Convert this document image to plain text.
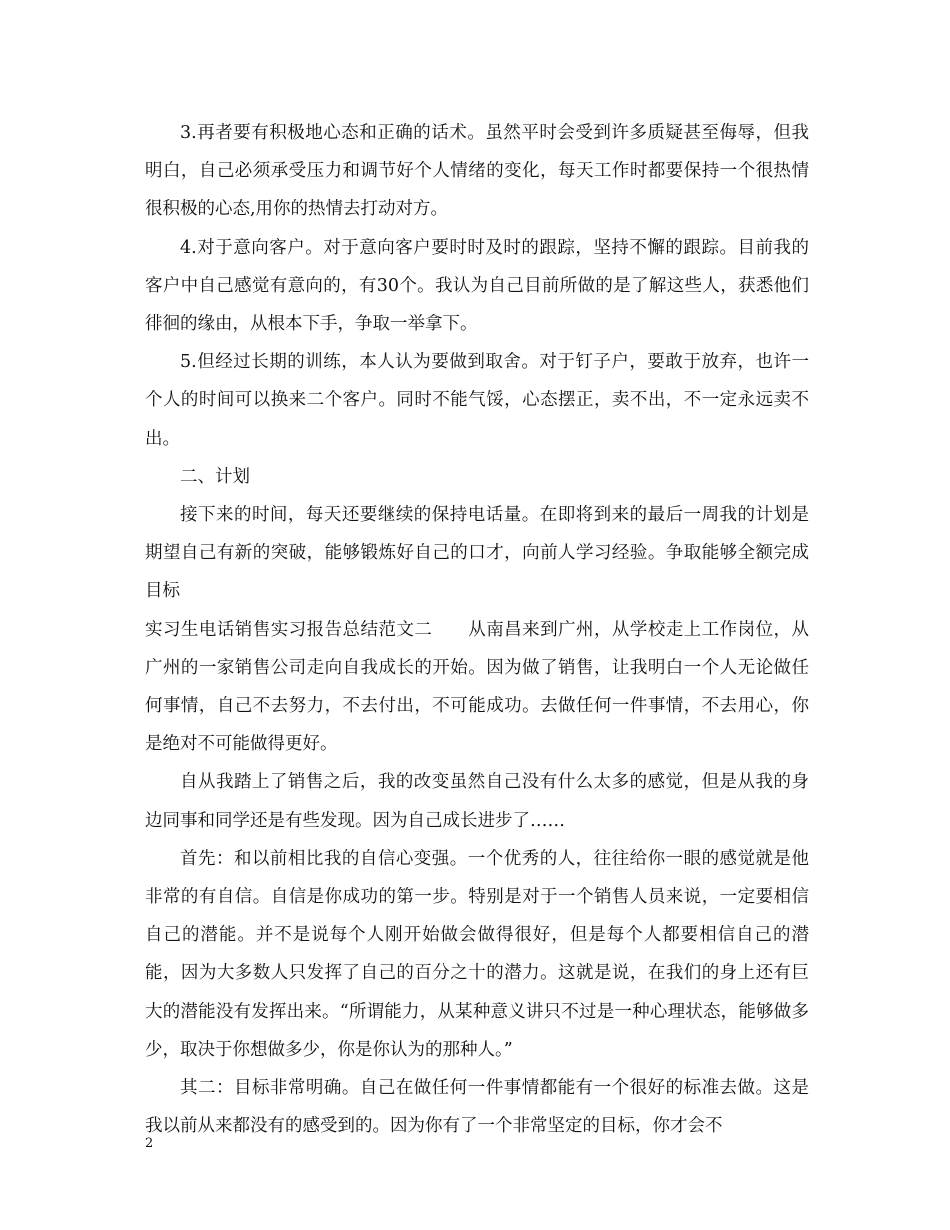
3.再者要有积极地心态和正确的话术。虽然平时会受到许多质疑甚至侮辱，但我明白，自己必须承受压力和调节好个人情绪的变化，每天工作时都要保持一个很热情很积极的心态,用你的热情去打动对方。

4.对于意向客户。对于意向客户要时时及时的跟踪，坚持不懈的跟踪。目前我的客户中自己感觉有意向的，有30个。我认为自己目前所做的是了解这些人，获悉他们徘徊的缘由，从根本下手，争取一举拿下。

5.但经过长期的训练，本人认为要做到取舍。对于钉子户，要敢于放弃，也许一个人的时间可以换来二个客户。同时不能气馁，心态摆正，卖不出，不一定永远卖不出。

二、计划

接下来的时间，每天还要继续的保持电话量。在即将到来的最后一周我的计划是期望自己有新的突破，能够锻炼好自己的口才，向前人学习经验。争取能够全额完成目标

实习生电话销售实习报告总结范文二　　从南昌来到广州，从学校走上工作岗位，从广州的一家销售公司走向自我成长的开始。因为做了销售，让我明白一个人无论做任何事情，自己不去努力，不去付出，不可能成功。去做任何一件事情，不去用心，你是绝对不可能做得更好。

自从我踏上了销售之后，我的改变虽然自己没有什么太多的感觉，但是从我的身边同事和同学还是有些发现。因为自己成长进步了……

首先：和以前相比我的自信心变强。一个优秀的人，往往给你一眼的感觉就是他非常的有自信。自信是你成功的第一步。特别是对于一个销售人员来说，一定要相信自己的潜能。并不是说每个人刚开始做会做得很好，但是每个人都要相信自己的潜能，因为大多数人只发挥了自己的百分之十的潜力。这就是说，在我们的身上还有巨大的潜能没有发挥出来。“所谓能力，从某种意义讲只不过是一种心理状态，能够做多少，取决于你想做多少，你是你认为的那种人。”

其二：目标非常明确。自己在做任何一件事情都能有一个很好的标准去做。这是我以前从来都没有的感受到的。因为你有了一个非常坚定的目标，你才会不

2
